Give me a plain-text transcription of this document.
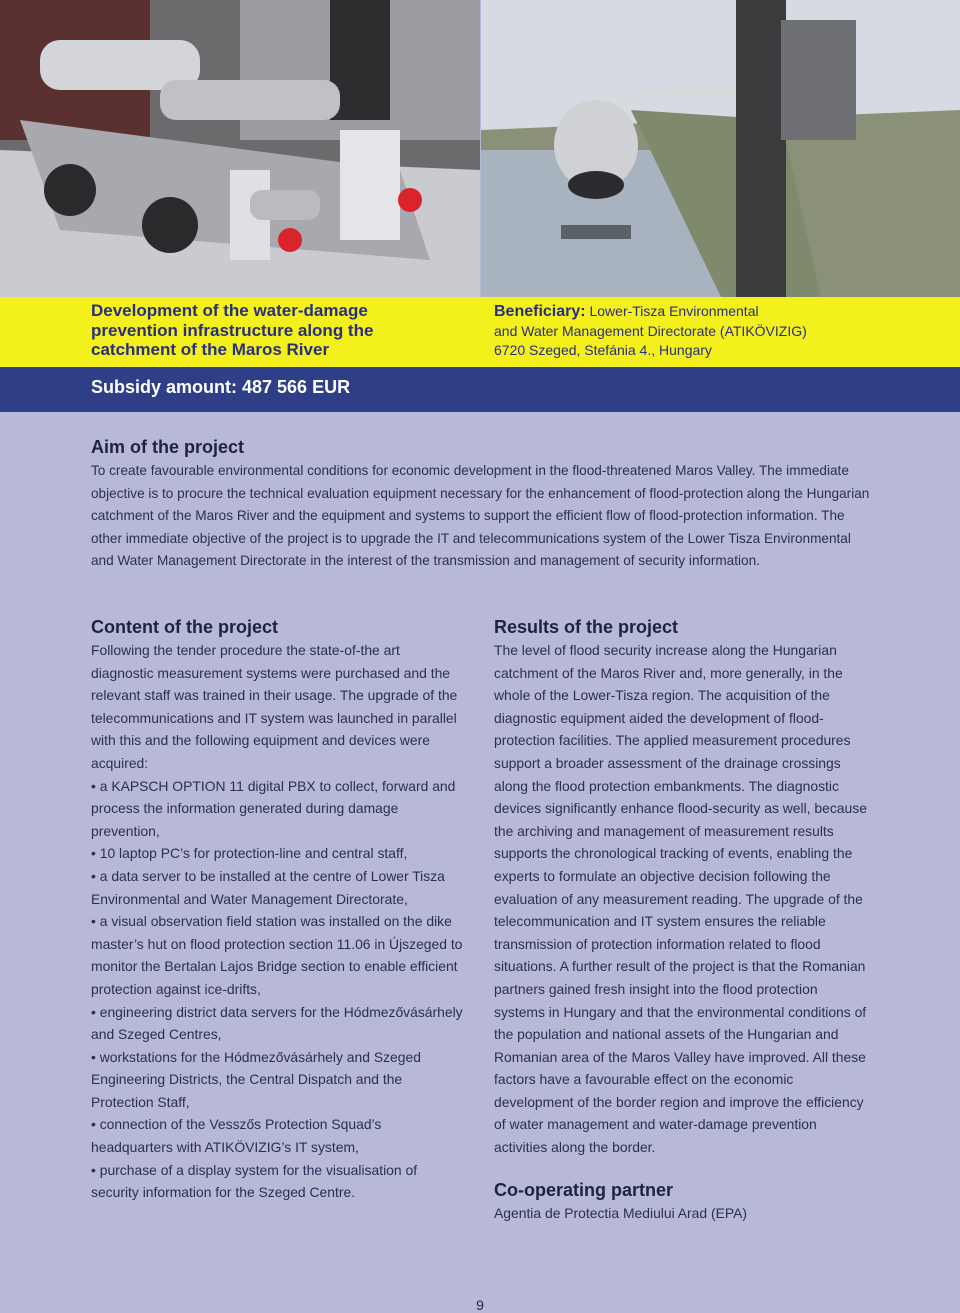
Development of the water-damage prevention infrastructure along the catchment of the Maros River
Beneficiary: Lower-Tisza Environmental
and Water Management Directorate (ATIKÖVIZIG)
6720 Szeged, Stefánia 4., Hungary
Subsidy amount: 487 566 EUR
Aim of the project
To create favourable environmental conditions for economic development in the flood-threatened Maros Valley. The immediate objective is to procure the technical evaluation equipment necessary for the enhancement of flood-protection along the Hungarian catchment of the Maros River and the equipment and systems to support the efficient flow of flood-protection information. The other immediate objective of the project is to upgrade the IT and telecommunications system of the Lower Tisza Environmental and Water Management Directorate in the interest of the transmission and management of security information.
Content of the project

Following the tender procedure the state-of-the art diagnostic measurement systems were purchased and the relevant staff was trained in their usage. The upgrade of the telecommunications and IT system was launched in parallel with this and the following equipment and devices were acquired:

• a KAPSCH OPTION 11 digital PBX to collect, forward and process the information generated during damage prevention,
• 10 laptop PC’s for protection-line and central staff,
• a data server to be installed at the centre of Lower Tisza Environmental and Water Management Directorate,
• a visual observation field station was installed on the dike master’s hut on flood protection section 11.06 in Újszeged to monitor the Bertalan Lajos Bridge section to enable efficient protection against ice-drifts,
• engineering district data servers for the Hódmezővásárhely and Szeged Centres,
• workstations for the Hódmezővásárhely and Szeged Engineering Districts, the Central Dispatch and the Protection Staff,
• connection of the Vesszős Protection Squad’s headquarters with ATIKÖVIZIG’s IT system,
• purchase of a display system for the visualisation of security information for the Szeged Centre.
Results of the project

The level of flood security increase along the Hungarian catchment of the Maros River and, more generally, in the whole of the Lower-Tisza region. The acquisition of the diagnostic equipment aided the development of flood-protection facilities. The applied measurement procedures support a broader assessment of the drainage crossings along the flood protection embankments. The diagnostic devices significantly enhance flood-security as well, because the archiving and management of measurement results supports the chronological tracking of events, enabling the experts to formulate an objective decision following the evaluation of any measurement reading. The upgrade of the telecommunication and IT system ensures the reliable transmission of protection information related to flood situations. A further result of the project is that the Romanian partners gained fresh insight into the flood protection systems in Hungary and that the environmental conditions of the population and national assets of the Hungarian and Romanian area of the Maros Valley have improved. All these factors have a favourable effect on the economic development of the border region and improve the efficiency of water management and water-damage prevention activities along the border.

Co-operating partner

Agentia de Protectia Mediului Arad (EPA)

9
